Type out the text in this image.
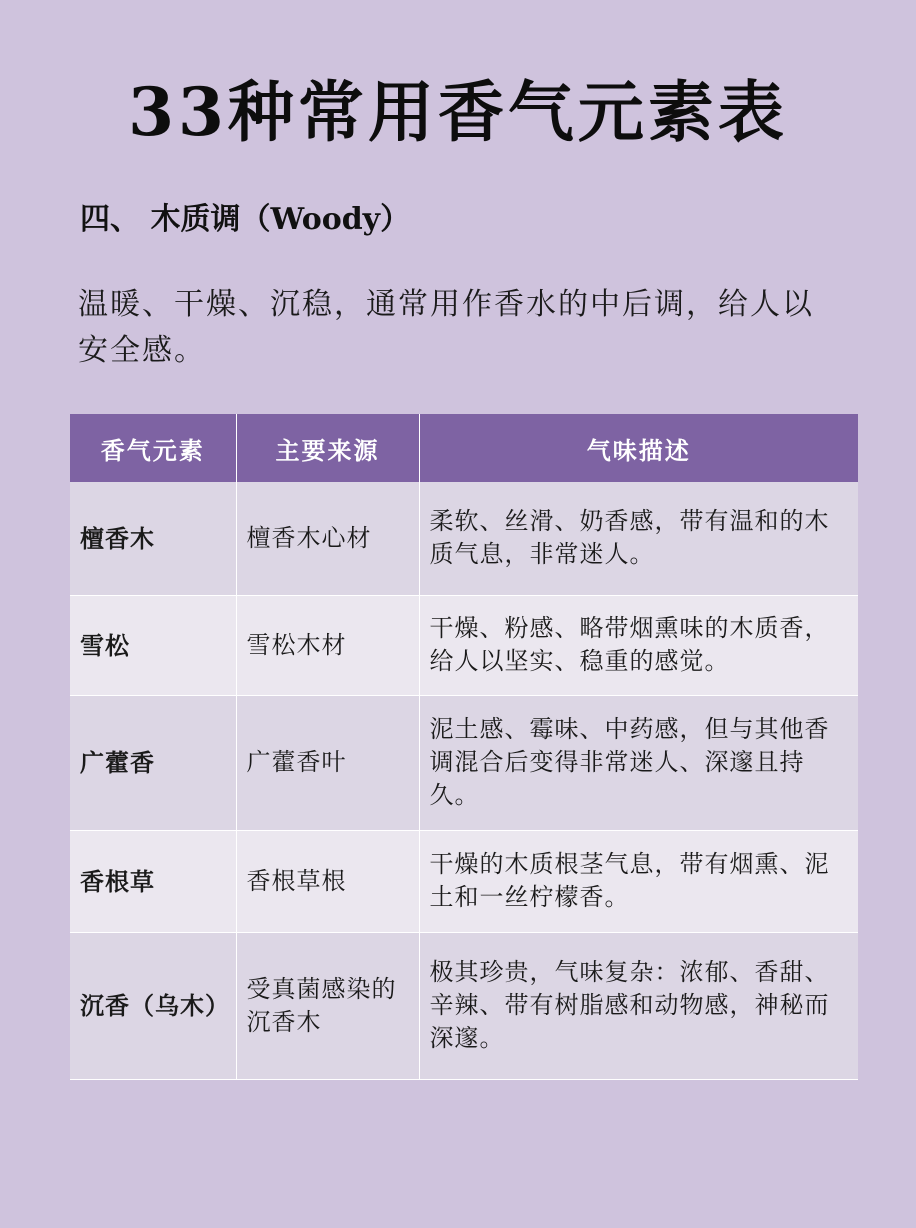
33种常用香气元素表
四、 木质调（Woody）
温暖、干燥、沉稳，通常用作香水的中后调，给人以安全感。
香气元素	主要来源	气味描述
檀香木	檀香木心材	柔软、丝滑、奶香感，带有温和的木质气息，非常迷人。
雪松	雪松木材	干燥、粉感、略带烟熏味的木质香，给人以坚实、稳重的感觉。
广藿香	广藿香叶	泥土感、霉味、中药感，但与其他香调混合后变得非常迷人、深邃且持久。
香根草	香根草根	干燥的木质根茎气息，带有烟熏、泥土和一丝柠檬香。
沉香（乌木）	受真菌感染的沉香木	极其珍贵，气味复杂：浓郁、香甜、辛辣、带有树脂感和动物感，神秘而深邃。
